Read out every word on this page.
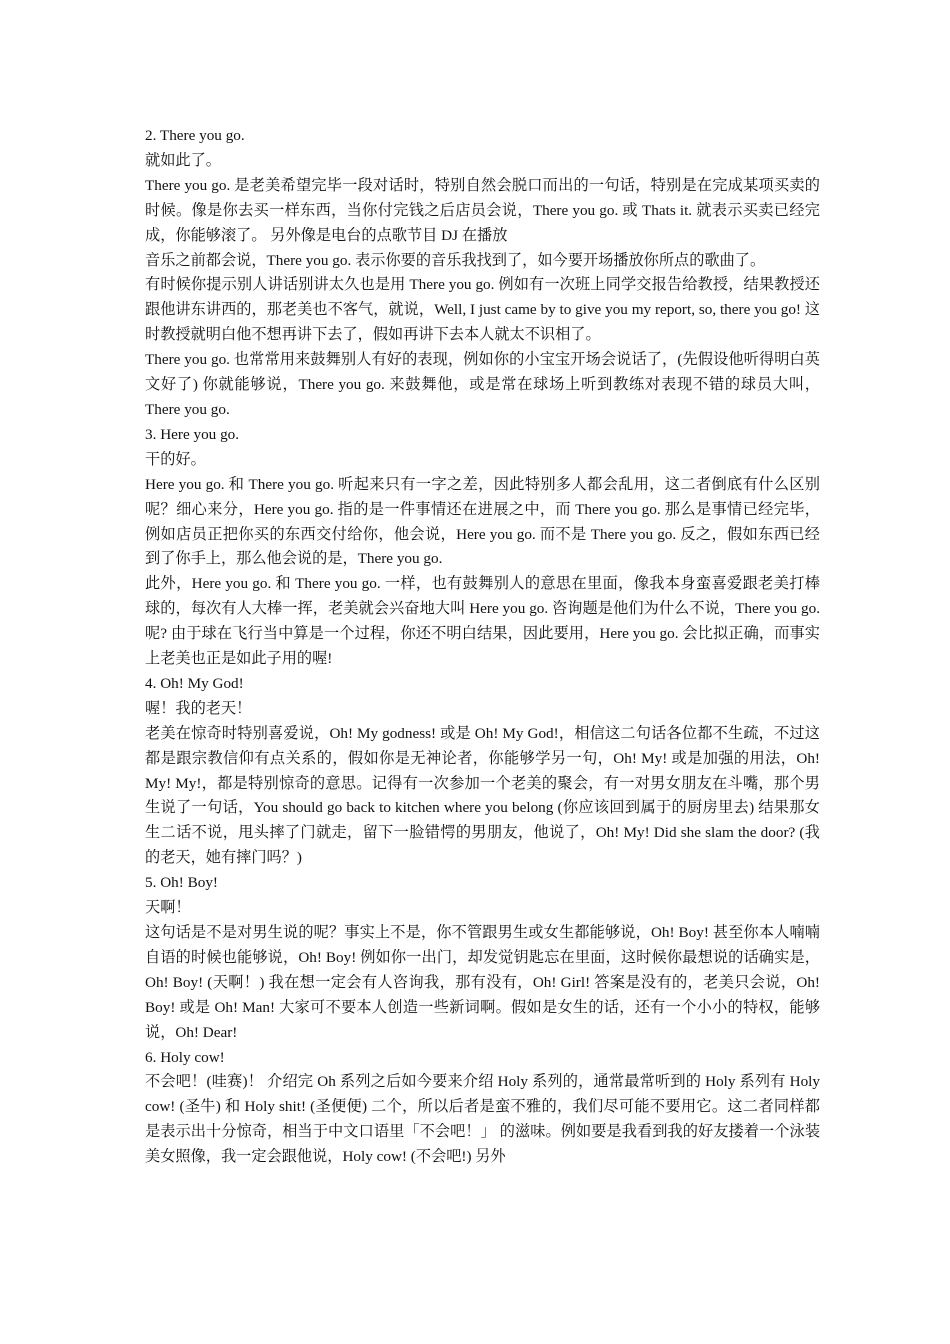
2. There you go.

就如此了。

There you go. 是老美希望完毕一段对话时，特别自然会脱口而出的一句话，特别是在完成某项买卖的时候。像是你去买一样东西，当你付完钱之后店员会说，There you go. 或 Thats it. 就表示买卖已经完成，你能够滚了。 另外像是电台的点歌节目 DJ 在播放

音乐之前都会说，There you go. 表示你要的音乐我找到了，如今要开场播放你所点的歌曲了。

有时候你提示别人讲话别讲太久也是用 There you go. 例如有一次班上同学交报告给教授，结果教授还跟他讲东讲西的，那老美也不客气，就说，Well, I just came by to give you my report, so, there you go! 这时教授就明白他不想再讲下去了，假如再讲下去本人就太不识相了。

There you go. 也常常用来鼓舞别人有好的表现，例如你的小宝宝开场会说话了，(先假设他听得明白英文好了) 你就能够说，There you go. 来鼓舞他，或是常在球场上听到教练对表现不错的球员大叫，There you go.

3. Here you go.

干的好。

Here you go. 和 There you go. 听起来只有一字之差，因此特别多人都会乱用，这二者倒底有什么区别呢？细心来分，Here you go. 指的是一件事情还在进展之中，而 There you go. 那么是事情已经完毕，例如店员正把你买的东西交付给你，他会说，Here you go. 而不是 There you go. 反之，假如东西已经到了你手上，那么他会说的是，There you go.

此外，Here you go. 和 There you go. 一样，也有鼓舞别人的意思在里面，像我本身蛮喜爱跟老美打棒球的，每次有人大棒一挥，老美就会兴奋地大叫 Here you go. 咨询题是他们为什么不说，There you go. 呢? 由于球在飞行当中算是一个过程，你还不明白结果，因此要用，Here you go. 会比拟正确，而事实上老美也正是如此子用的喔!

4. Oh! My God!

喔！我的老天！

老美在惊奇时特别喜爱说，Oh! My godness! 或是 Oh! My God!，相信这二句话各位都不生疏，不过这都是跟宗教信仰有点关系的，假如你是无神论者，你能够学另一句，Oh! My! 或是加强的用法，Oh! My! My!，都是特别惊奇的意思。记得有一次参加一个老美的聚会，有一对男女朋友在斗嘴，那个男生说了一句话，You should go back to kitchen where you belong (你应该回到属于的厨房里去) 结果那女生二话不说，甩头摔了门就走，留下一脸错愕的男朋友，他说了，Oh! My! Did she slam the door? (我的老天，她有摔门吗？)

5. Oh! Boy!

天啊！

这句话是不是对男生说的呢？事实上不是，你不管跟男生或女生都能够说，Oh! Boy! 甚至你本人喃喃自语的时候也能够说，Oh! Boy! 例如你一出门，却发觉钥匙忘在里面，这时候你最想说的话确实是，Oh! Boy! (天啊！) 我在想一定会有人咨询我，那有没有，Oh! Girl! 答案是没有的，老美只会说，Oh! Boy! 或是 Oh! Man! 大家可不要本人创造一些新词啊。假如是女生的话，还有一个小小的特权，能够说，Oh! Dear!

6. Holy cow!

不会吧！(哇赛)！ 介绍完 Oh 系列之后如今要来介绍 Holy 系列的，通常最常听到的 Holy 系列有 Holy cow! (圣牛) 和 Holy shit! (圣便便) 二个，所以后者是蛮不雅的，我们尽可能不要用它。这二者同样都是表示出十分惊奇，相当于中文口语里「不会吧！」 的滋味。例如要是我看到我的好友搂着一个泳装美女照像，我一定会跟他说，Holy cow! (不会吧!) 另外
